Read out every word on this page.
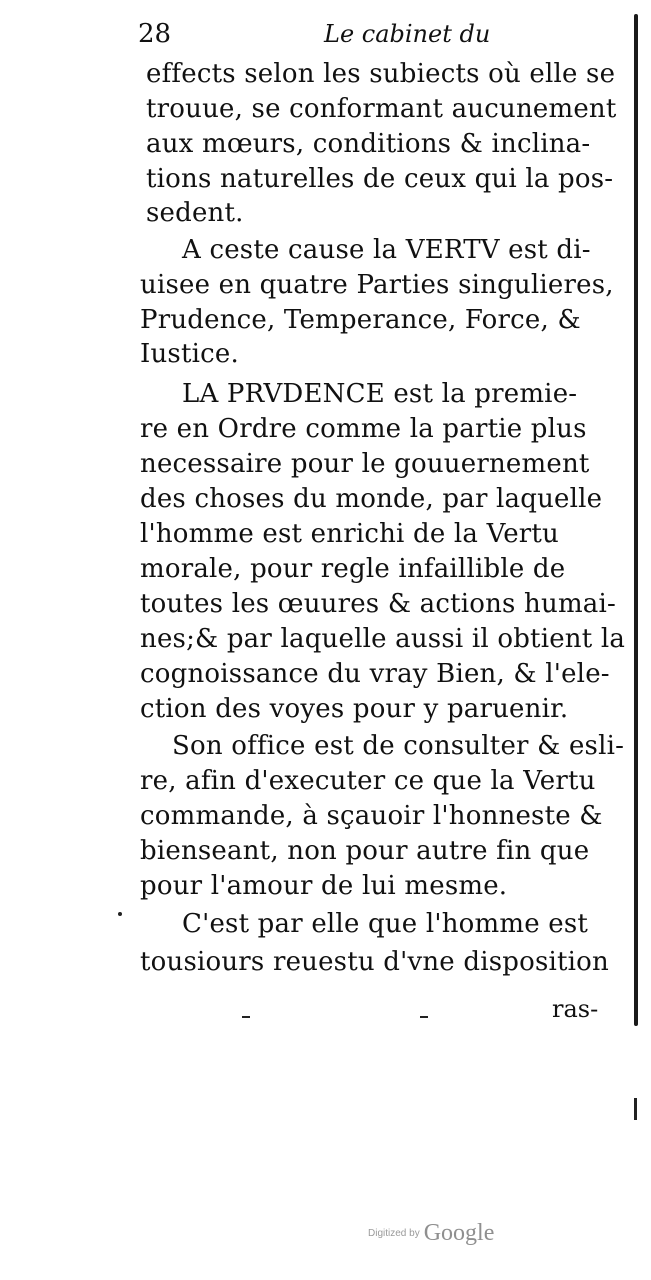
28	Le cabinet du
effects selon les subiects où elle se
trouue, se conformant aucunement
aux mœurs, conditions & inclina-
tions naturelles de ceux qui la pos-
sedent.
A ceste cause la VERTV est di-
uisee en quatre Parties singulieres,
Prudence, Temperance, Force, &
Iustice.
LA PRVDENCE est la premie-
re en Ordre comme la partie plus
necessaire pour le gouuernement
des choses du monde, par laquelle
l'homme est enrichi de la Vertu
morale, pour regle infaillible de
toutes les œuures & actions humai-
nes;& par laquelle aussi il obtient la
cognoissance du vray Bien, & l'ele-
ction des voyes pour y paruenir.
Son office est de consulter & esli-
re, afin d'executer ce que la Vertu
commande, à sçauoir l'honneste &
bienseant, non pour autre fin que
pour l'amour de lui mesme.
C'est par elle que l'homme est
tousiours reuestu d'vne disposition
ras-
Digitized by Google
